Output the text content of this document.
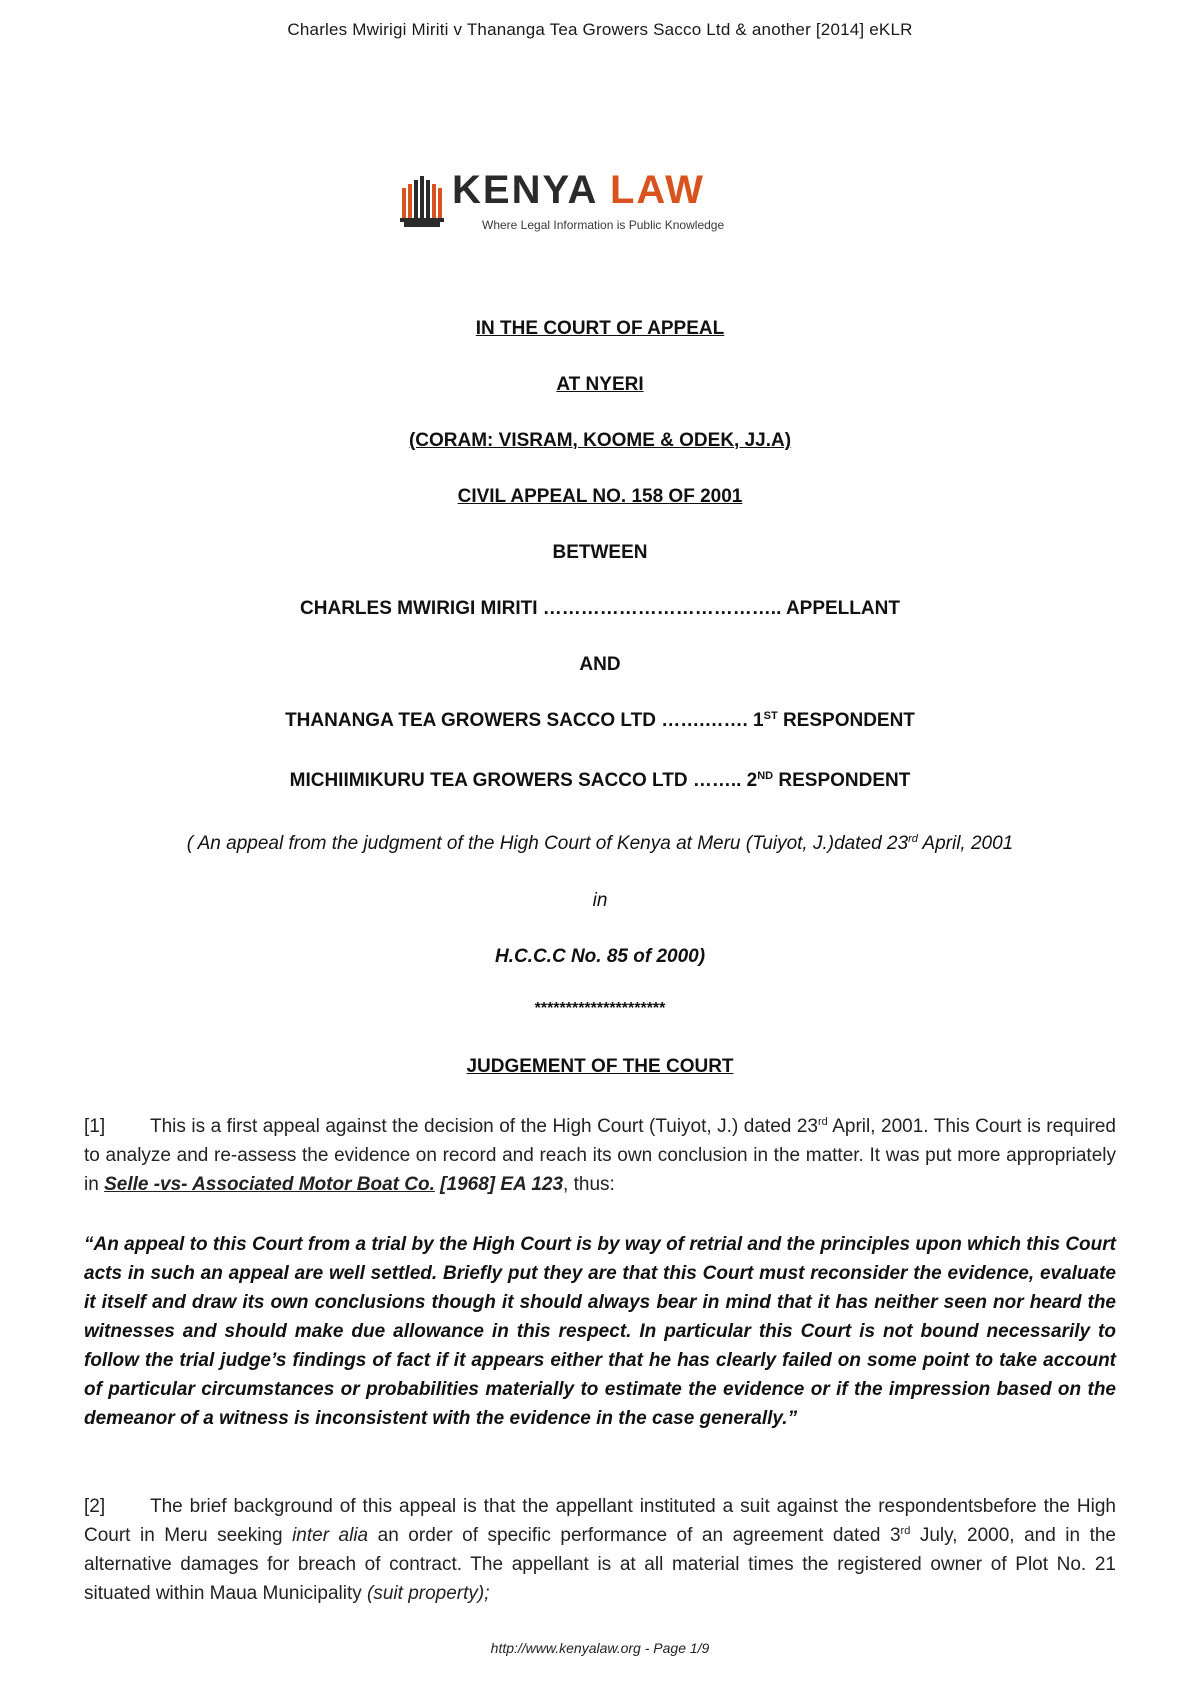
Charles Mwirigi Miriti v Thananga Tea Growers Sacco Ltd & another [2014] eKLR
KENYA LAW
Where Legal Information is Public Knowledge
IN THE COURT OF APPEAL
AT NYERI
(CORAM: VISRAM, KOOME & ODEK, JJ.A)
CIVIL APPEAL NO. 158 OF 2001
BETWEEN
CHARLES MWIRIGI MIRITI ……………………………….. APPELLANT
AND
THANANGA TEA GROWERS SACCO LTD …….……. 1ST RESPONDENT
MICHIIMIKURU TEA GROWERS SACCO LTD …….. 2ND RESPONDENT
( An appeal from the judgment of the High Court of Kenya at Meru (Tuiyot, J.)dated 23rd April, 2001
in
H.C.C.C No. 85 of 2000)
*********************
JUDGEMENT OF THE COURT
[1] This is a first appeal against the decision of the High Court (Tuiyot, J.) dated 23rd April, 2001. This Court is required to analyze and re-assess the evidence on record and reach its own conclusion in the matter. It was put more appropriately in Selle -vs- Associated Motor Boat Co. [1968] EA 123, thus:
“An appeal to this Court from a trial by the High Court is by way of retrial and the principles upon which this Court acts in such an appeal are well settled. Briefly put they are that this Court must reconsider the evidence, evaluate it itself and draw its own conclusions though it should always bear in mind that it has neither seen nor heard the witnesses and should make due allowance in this respect. In particular this Court is not bound necessarily to follow the trial judge’s findings of fact if it appears either that he has clearly failed on some point to take account of particular circumstances or probabilities materially to estimate the evidence or if the impression based on the demeanor of a witness is inconsistent with the evidence in the case generally.”
[2] The brief background of this appeal is that the appellant instituted a suit against the respondentsbefore the High Court in Meru seeking inter alia an order of specific performance of an agreement dated 3rd July, 2000, and in the alternative damages for breach of contract. The appellant is at all material times the registered owner of Plot No. 21 situated within Maua Municipality (suit property);
http://www.kenyalaw.org - Page 1/9
